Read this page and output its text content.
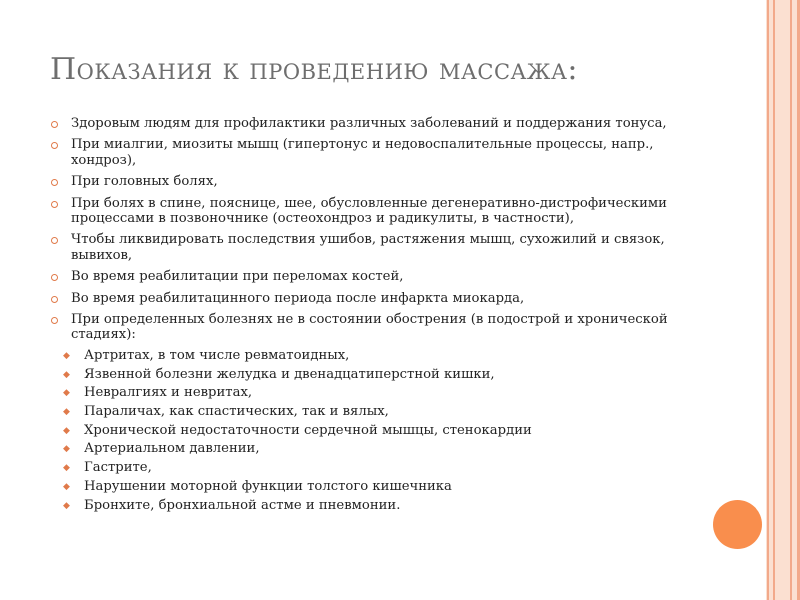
Показания к проведению массажа:
Здоровым людям для профилактики различных заболеваний и поддержания тонуса,
При миалгии, миозиты мышц (гипертонус и недовоспалительные процессы, напр., хондроз),
При головных болях,
При болях в спине, пояснице, шее, обусловленные дегенеративно-дистрофическими процессами в позвоночнике (остеохондроз и радикулиты, в частности),
Чтобы ликвидировать последствия ушибов, растяжения мышц, сухожилий и связок, вывихов,
Во время реабилитации при переломах костей,
Во время реабилитацинного периода после инфаркта миокарда,
При определенных болезнях не в состоянии обострения (в подострой и хронической стадиях):
◆ Артритах, в том числе ревматоидных,
◆ Язвенной болезни желудка и двенадцатиперстной кишки,
◆ Невралгиях и невритах,
◆ Параличах, как спастических, так и вялых,
◆ Хронической недостаточности сердечной мышцы, стенокардии
◆ Артериальном давлении,
◆ Гастрите,
◆ Нарушении моторной функции толстого кишечника
◆ Бронхите, бронхиальной астме и пневмонии.
